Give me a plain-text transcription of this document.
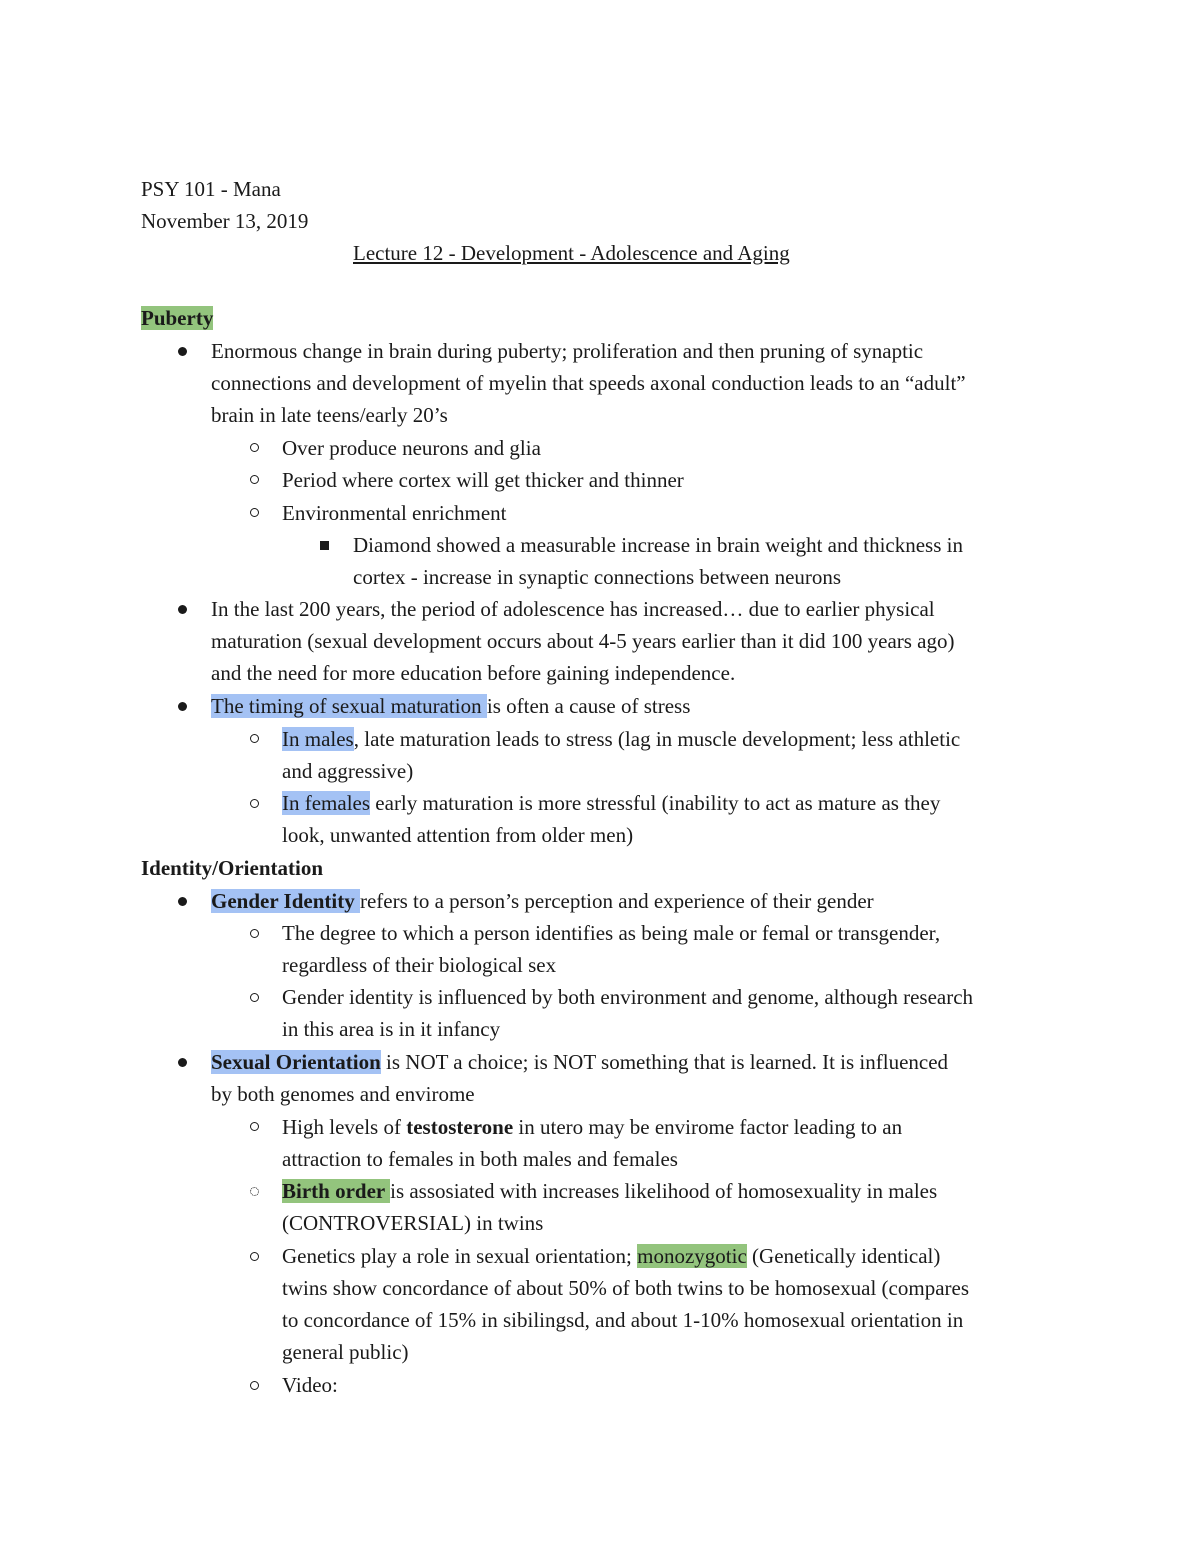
PSY 101 - Mana
November 13, 2019
Lecture 12 - Development - Adolescence and Aging
Puberty
Enormous change in brain during puberty; proliferation and then pruning of synaptic
connections and development of myelin that speeds axonal conduction leads to an “adult”
brain in late teens/early 20’s
Over produce neurons and glia
Period where cortex will get thicker and thinner
Environmental enrichment
Diamond showed a measurable increase in brain weight and thickness in
cortex - increase in synaptic connections between neurons
In the last 200 years, the period of adolescence has increased… due to earlier physical
maturation (sexual development occurs about 4-5 years earlier than it did 100 years ago)
and the need for more education before gaining independence.
The timing of sexual maturation is often a cause of stress
In males, late maturation leads to stress (lag in muscle development; less athletic
and aggressive)
In females early maturation is more stressful (inability to act as mature as they
look, unwanted attention from older men)
Identity/Orientation
Gender Identity refers to a person’s perception and experience of their gender
The degree to which a person identifies as being male or femal or transgender,
regardless of their biological sex
Gender identity is influenced by both environment and genome, although research
in this area is in it infancy
Sexual Orientation is NOT a choice; is NOT something that is learned. It is influenced
by both genomes and envirome
High levels of testosterone in utero may be envirome factor leading to an
attraction to females in both males and females
Birth order is assosiated with increases likelihood of homosexuality in males
(CONTROVERSIAL) in twins
Genetics play a role in sexual orientation; monozygotic (Genetically identical)
twins show concordance of about 50% of both twins to be homosexual (compares
to concordance of 15% in sibilingsd, and about 1-10% homosexual orientation in
general public)
Video:
